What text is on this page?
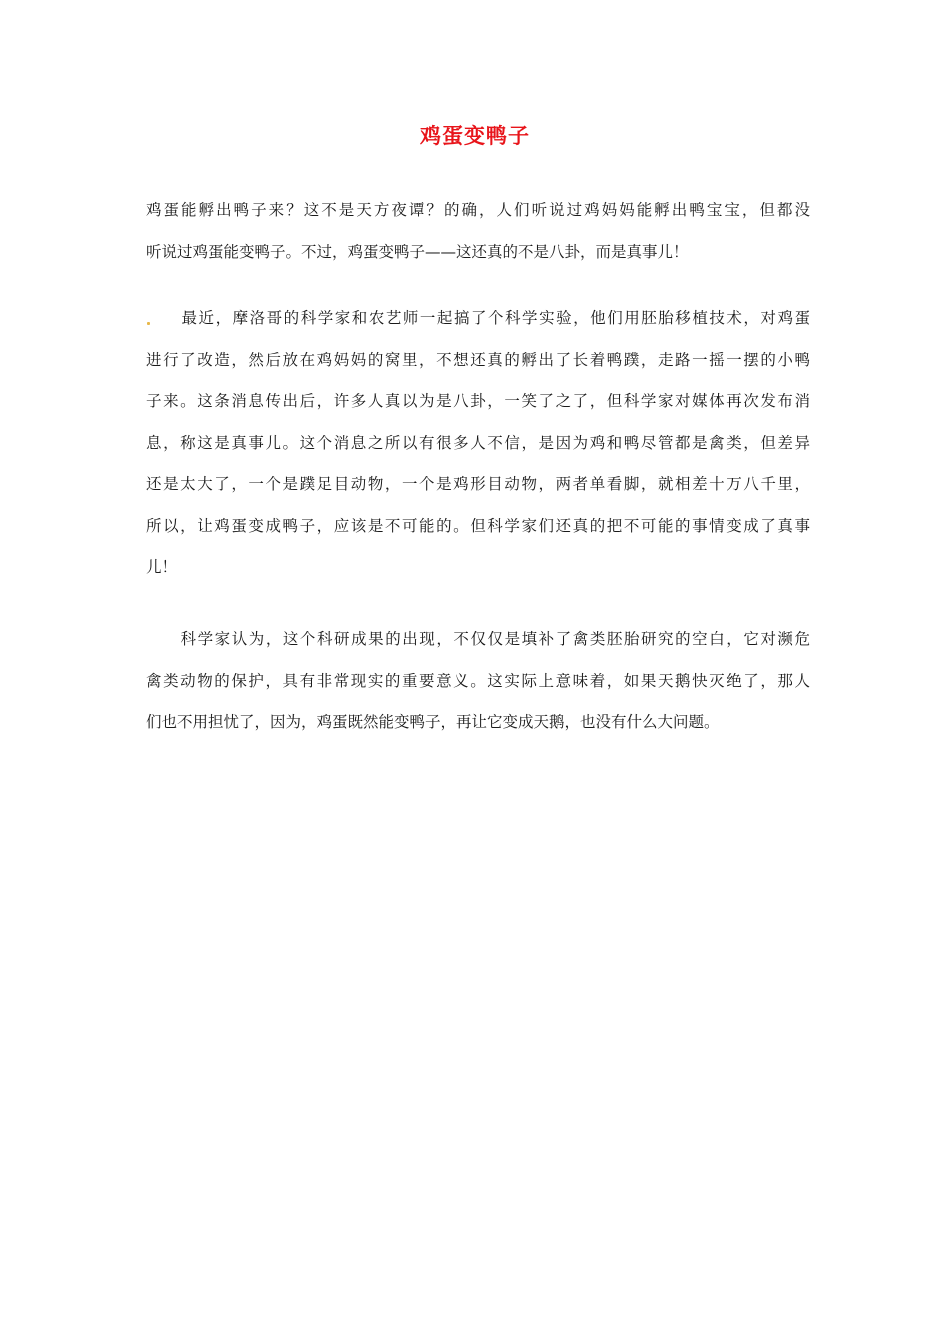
鸡蛋变鸭子
鸡蛋能孵出鸭子来？这不是天方夜谭？的确，人们听说过鸡妈妈能孵出鸭宝宝，但都没
听说过鸡蛋能变鸭子。不过，鸡蛋变鸭子——这还真的不是八卦，而是真事儿！
最近，摩洛哥的科学家和农艺师一起搞了个科学实验，他们用胚胎移植技术，对鸡蛋
进行了改造，然后放在鸡妈妈的窝里，不想还真的孵出了长着鸭蹼，走路一摇一摆的小鸭
子来。这条消息传出后，许多人真以为是八卦，一笑了之了，但科学家对媒体再次发布消
息，称这是真事儿。这个消息之所以有很多人不信，是因为鸡和鸭尽管都是禽类，但差异
还是太大了，一个是蹼足目动物，一个是鸡形目动物，两者单看脚，就相差十万八千里，
所以，让鸡蛋变成鸭子，应该是不可能的。但科学家们还真的把不可能的事情变成了真事
儿！
科学家认为，这个科研成果的出现，不仅仅是填补了禽类胚胎研究的空白，它对濒危
禽类动物的保护，具有非常现实的重要意义。这实际上意味着，如果天鹅快灭绝了，那人
们也不用担忧了，因为，鸡蛋既然能变鸭子，再让它变成天鹅，也没有什么大问题。
